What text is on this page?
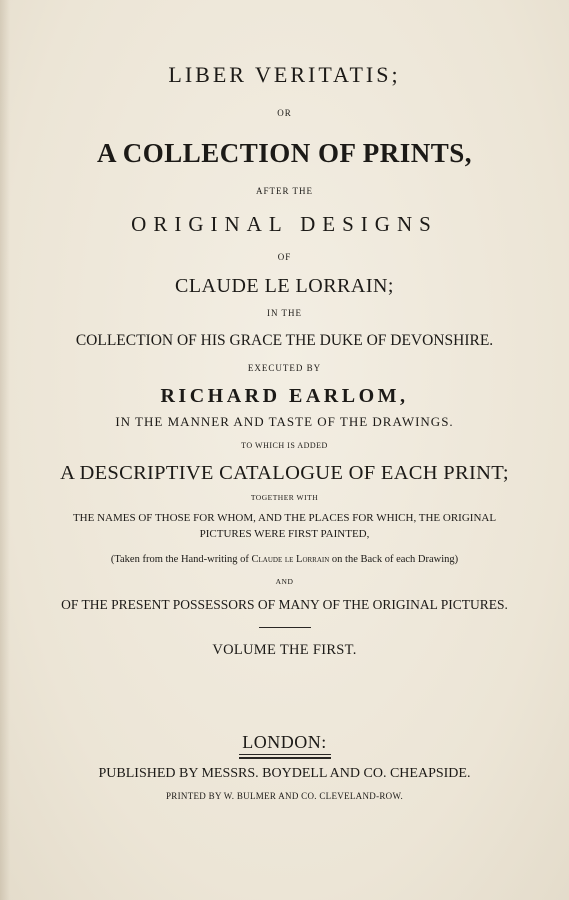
LIBER VERITATIS;
OR
A COLLECTION OF PRINTS,
AFTER THE
ORIGINAL DESIGNS
OF
CLAUDE LE LORRAIN;
IN THE
COLLECTION OF HIS GRACE THE DUKE OF DEVONSHIRE.
EXECUTED BY
RICHARD EARLOM,
IN THE MANNER AND TASTE OF THE DRAWINGS.
TO WHICH IS ADDED
A DESCRIPTIVE CATALOGUE OF EACH PRINT;
TOGETHER WITH
THE NAMES OF THOSE FOR WHOM, AND THE PLACES FOR WHICH, THE ORIGINAL
PICTURES WERE FIRST PAINTED,
(Taken from the Hand-writing of Claude le Lorrain on the Back of each Drawing)
AND
OF THE PRESENT POSSESSORS OF MANY OF THE ORIGINAL PICTURES.
VOLUME THE FIRST.
LONDON:
PUBLISHED BY MESSRS. BOYDELL AND CO. CHEAPSIDE.
PRINTED BY W. BULMER AND CO. CLEVELAND-ROW.
